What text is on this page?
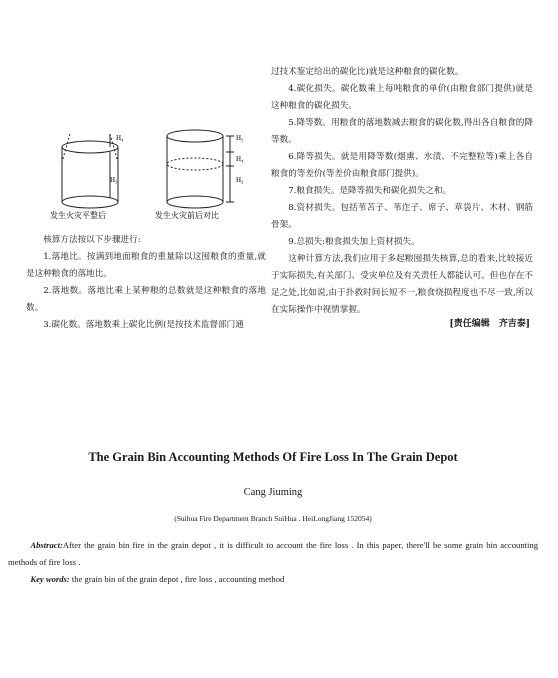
H₄
H₃
H₅
H₄
H₂
发生火灾平整后	发生火灾前后对比

核算方法按以下步骤进行:

1.落地比。按满到地面粮食的重量除以这囤粮食的重量,就是这种粮食的落地比。

2.落地数。落地比乘上某种粮的总数就是这种粮食的落地数。

3.碳化数。落地数乘上碳化比例(是按技术监督部门通

过技术鉴定给出的碳化比)就是这种粮食的碳化数。

4.碳化损失。碳化数乘上每吨粮食的单价(由粮食部门提供)就是这种粮食的碳化损失。

5.降等数。用粮食的落地数减去粮食的碳化数,得出各自粮食的降等数。

6.降等损失。就是用降等数(烟熏、水渍、不完整粒等)乘上各自粮食的等差价(等差价由粮食部门提供)。

7.粮食损失。是降等损失和碳化损失之和。

8.资材损失。包括苇苫子、苇迮子、席子、草袋片、木材、钢筋骨架。

9.总损失:粮食损失加上资材损失。

这种计算方法,我们应用于多起粮囤损失核算,总的看来,比较接近于实际损失,有关部门、受灾单位及有关责任人都能认可。但也存在不足之处,比如说,由于扑救时间长短不一,粮食烧损程度也不尽一致,所以在实际操作中视情掌握。

[责任编辑　齐吉泰]

The Grain Bin Accounting Methods Of Fire Loss In The Grain Depot

Cang Jiuming

(Suihua Fire Department Branch SuiHua . HeiLongJiang 152054)

Abstract:After the grain bin fire in the grain depot , it is difficult to account the fire loss . In this paper, there'll be some grain bin accounting methods of fire loss .

Key words: the grain bin of the grain depot , fire loss , accounting method
